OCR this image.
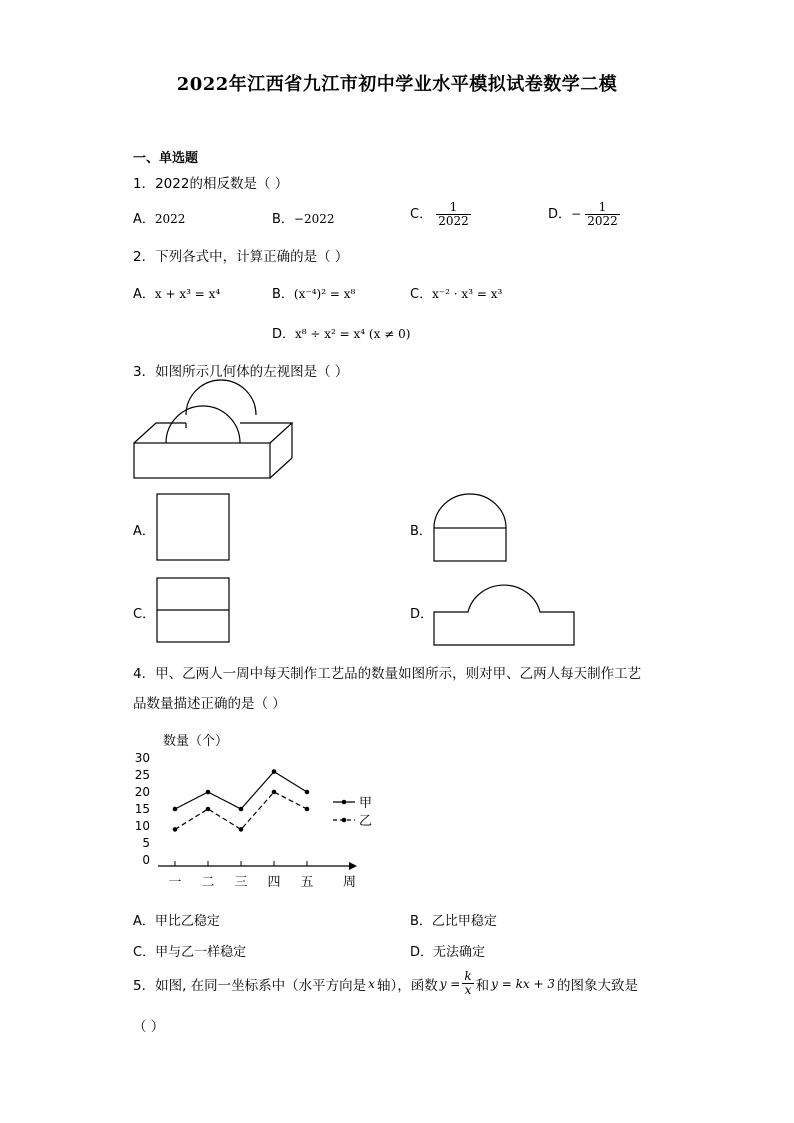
2022年江西省九江市初中学业水平模拟试卷数学二模
一、单选题
1．2022的相反数是（ ）
A．2022	B．−2022	C． $\frac{1}{2022}$	D．− $\frac{1}{2022}$
2．下列各式中，计算正确的是（ ）
A．x + x³ = x⁴	B．(x⁻⁴)² = x⁸	C．x⁻² · x³ = x³
D．x⁸ ÷ x² = x⁴ (x ≠ 0)
3．如图所示几何体的左视图是（ ）
A．	B．
C．	D．
4．甲、乙两人一周中每天制作工艺品的数量如图所示，则对甲、乙两人每天制作工艺
品数量描述正确的是（ ）
数量（个）
周
30
25
20
15
10
5
0
一 二 三 四 五
甲
乙
A．甲比乙稳定	B．乙比甲稳定
C．甲与乙一样稳定	D．无法确定
5．如图, 在同一坐标系中（水平方向是 x 轴），函数 $y = \frac{k}{x}$ 和 y = kx + 3 的图象大致是
（ ）
